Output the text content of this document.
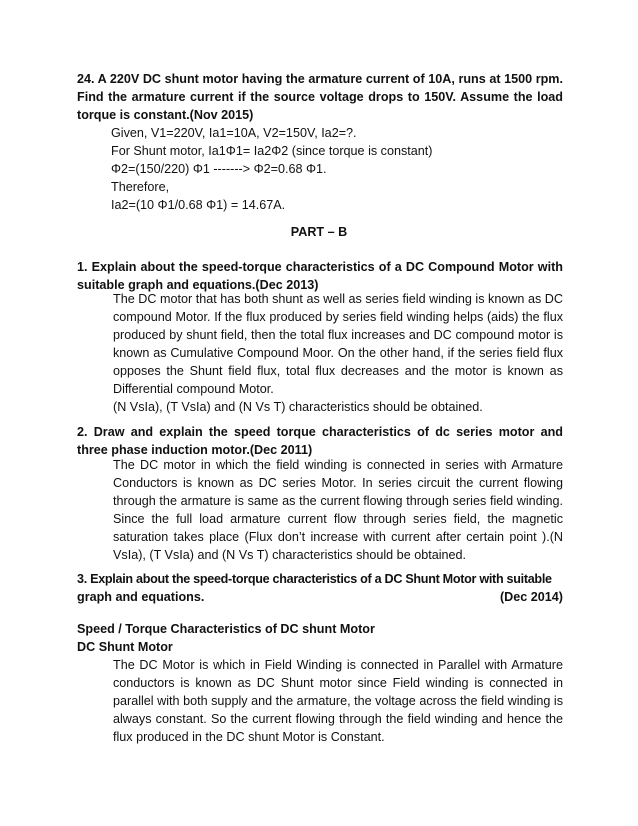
24. A 220V DC shunt motor having the armature current of 10A, runs at 1500 rpm. Find the armature current if the source voltage drops to 150V. Assume the load torque is constant.(Nov 2015)

Given, V1=220V, Ia1=10A, V2=150V, Ia2=?.

For Shunt motor, Ia1Φ1= Ia2Φ2 (since torque is constant)

Φ2=(150/220) Φ1 -------> Φ2=0.68 Φ1.

Therefore,

Ia2=(10 Φ1/0.68 Φ1) = 14.67A.

PART – B

1. Explain about the speed-torque characteristics of a DC Compound Motor with suitable graph and equations.(Dec 2013)

The DC motor that has both shunt as well as series field winding is known as DC compound Motor. If the flux produced by series field winding helps (aids) the flux produced by shunt field, then the total flux increases and DC compound motor is known as Cumulative Compound Moor. On the other hand, if the series field flux opposes the Shunt field flux, total flux decreases and the motor is known as Differential compound Motor.

(N VsIa), (T VsIa) and (N Vs T) characteristics should be obtained.

2. Draw and explain the speed torque characteristics of dc series motor and three phase induction motor.(Dec 2011)

The DC motor in which the field winding is connected in series with Armature Conductors is known as DC series Motor. In series circuit the current flowing through the armature is same as the current flowing through series field winding. Since the full load armature current flow through series field, the magnetic saturation takes place (Flux don’t increase with current after certain point ).(N VsIa), (T VsIa) and (N Vs T) characteristics should be obtained.

3. Explain about the speed-torque characteristics of a DC Shunt Motor with suitable
graph and equations.	(Dec 2014)
Speed / Torque Characteristics of DC shunt Motor
DC Shunt Motor

The DC Motor is which in Field Winding is connected in Parallel with Armature conductors is known as DC Shunt motor since Field winding is connected in parallel with both supply and the armature, the voltage across the field winding is always constant. So the current flowing through the field winding and hence the flux produced in the DC shunt Motor is Constant.
